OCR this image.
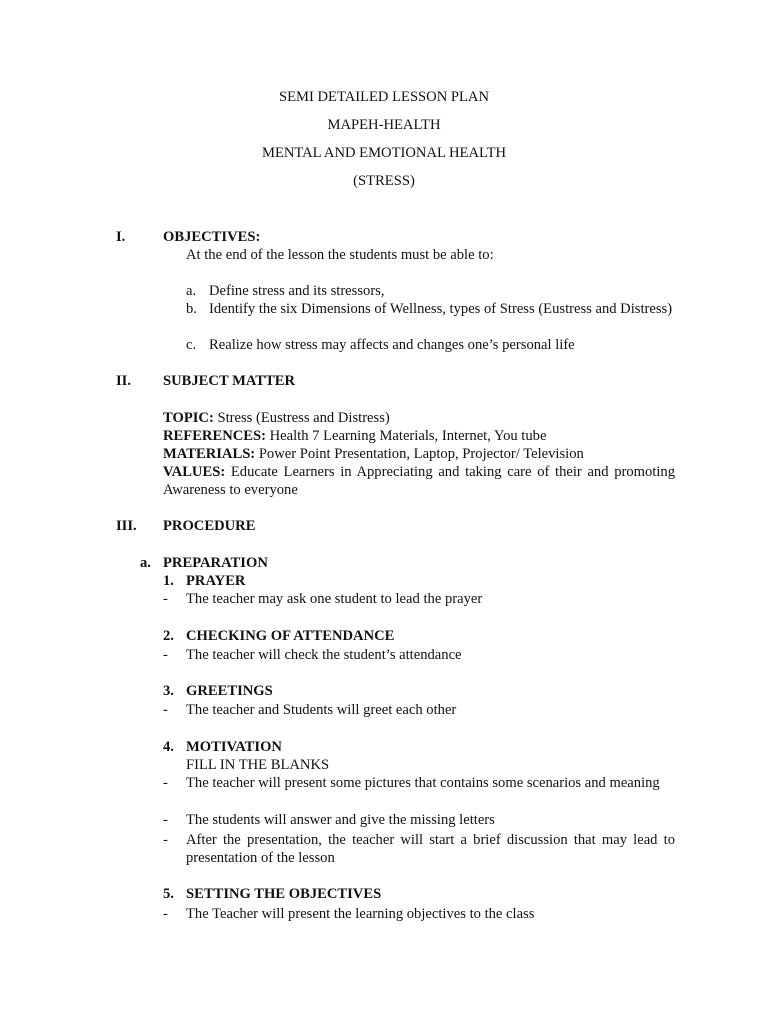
SEMI DETAILED LESSON PLAN
MAPEH-HEALTH
MENTAL AND EMOTIONAL HEALTH
(STRESS)
I.	OBJECTIVES:
At the end of the lesson the students must be able to:
a. Define stress and its stressors,
b. Identify the six Dimensions of Wellness, types of Stress (Eustress and Distress)
c. Realize how stress may affects and changes one’s personal life
II. SUBJECT MATTER
TOPIC: Stress (Eustress and Distress)
REFERENCES: Health 7 Learning Materials, Internet, You tube
MATERIALS: Power Point Presentation, Laptop, Projector/ Television
VALUES: Educate Learners in Appreciating and taking care of their and promoting Awareness to everyone
III. PROCEDURE
a. PREPARATION
1. PRAYER
- The teacher may ask one student to lead the prayer
2. CHECKING OF ATTENDANCE
- The teacher will check the student’s attendance
3. GREETINGS
- The teacher and Students will greet each other
4. MOTIVATION
FILL IN THE BLANKS
- The teacher will present some pictures that contains some scenarios and meaning
- The students will answer and give the missing letters
- After the presentation, the teacher will start a brief discussion that may lead to presentation of the lesson
5. SETTING THE OBJECTIVES
- The Teacher will present the learning objectives to the class
